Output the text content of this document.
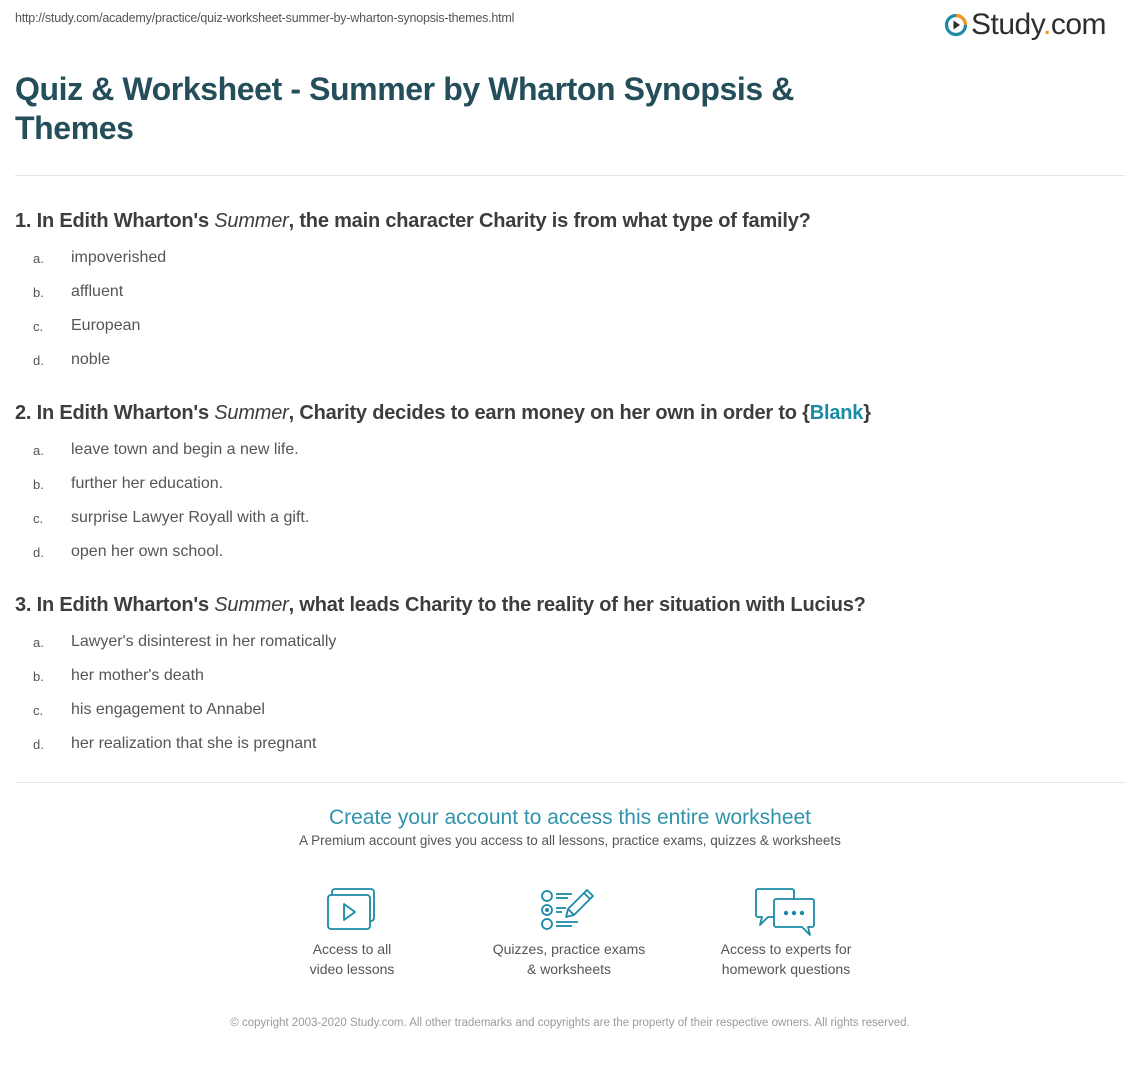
http://study.com/academy/practice/quiz-worksheet-summer-by-wharton-synopsis-themes.html	Study.com
Quiz & Worksheet - Summer by Wharton Synopsis & Themes
1. In Edith Wharton's Summer, the main character Charity is from what type of family?
a.	impoverished
b.	affluent
c.	European
d.	noble
2. In Edith Wharton's Summer, Charity decides to earn money on her own in order to {Blank}
a.	leave town and begin a new life.
b.	further her education.
c.	surprise Lawyer Royall with a gift.
d.	open her own school.
3. In Edith Wharton's Summer, what leads Charity to the reality of her situation with Lucius?
a.	Lawyer's disinterest in her romatically
b.	her mother's death
c.	his engagement to Annabel
d.	her realization that she is pregnant
Create your account to access this entire worksheet
A Premium account gives you access to all lessons, practice exams, quizzes & worksheets
Access to all
video lessons
Quizzes, practice exams
& worksheets
Access to experts for
homework questions
© copyright 2003-2020 Study.com. All other trademarks and copyrights are the property of their respective owners. All rights reserved.
